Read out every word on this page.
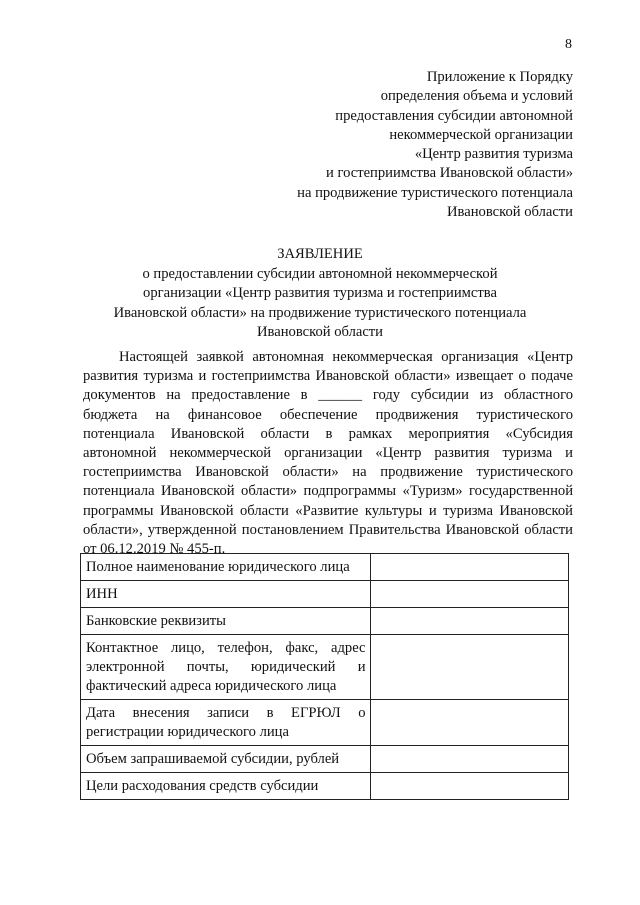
8
Приложение к Порядку
определения объема и условий
предоставления субсидии автономной
некоммерческой организации
«Центр развития туризма
и гостеприимства Ивановской области»
на продвижение туристического потенциала
Ивановской области
ЗАЯВЛЕНИЕ
о предоставлении субсидии автономной некоммерческой
организации «Центр развития туризма и гостеприимства
Ивановской области» на продвижение туристического потенциала
Ивановской области
Настоящей заявкой автономная некоммерческая организация «Центр развития туризма и гостеприимства Ивановской области» извещает о подаче документов на предоставление в ______ году субсидии из областного бюджета на финансовое обеспечение продвижения туристического потенциала Ивановской области в рамках мероприятия «Субсидия автономной некоммерческой организации «Центр развития туризма и гостеприимства Ивановской области» на продвижение туристического потенциала Ивановской области» подпрограммы «Туризм» государственной программы Ивановской области «Развитие культуры и туризма Ивановской области», утвержденной постановлением Правительства Ивановской области от 06.12.2019 № 455-п.
Полное наименование юридического лица	
ИНН	
Банковские реквизиты	
Контактное лицо, телефон, факс, адрес электронной почты, юридический и фактический адреса юридического лица	
Дата внесения записи в ЕГРЮЛ о регистрации юридического лица	
Объем запрашиваемой субсидии, рублей	
Цели расходования средств субсидии	
